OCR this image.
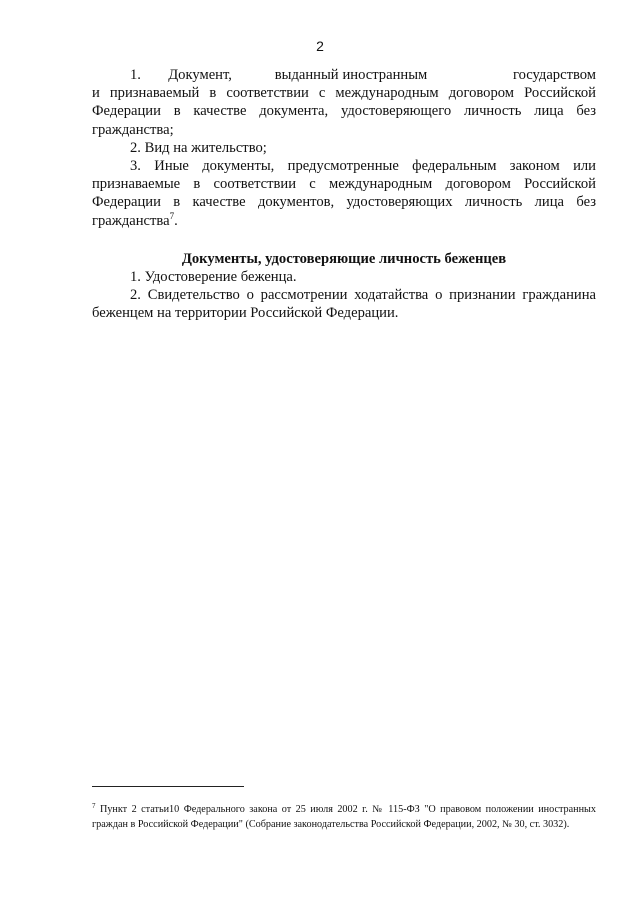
2

1.       Документ,           выданный иностранным                      государством и признаваемый в соответствии с международным договором Российской Федерации в качестве документа, удостоверяющего личность лица без гражданства;

2. Вид на жительство;

3. Иные документы, предусмотренные федеральным законом или признаваемые в соответствии с международным договором Российской Федерации в качестве документов, удостоверяющих личность лица без гражданства$^7$.

Документы, удостоверяющие личность беженцев

1. Удостоверение беженца.

2. Свидетельство о рассмотрении ходатайства о признании гражданина беженцем на территории Российской Федерации.

$^7$ Пункт 2 статьи10 Федерального закона от 25 июля 2002 г. № 115-ФЗ "О правовом положении иностранных граждан в Российской Федерации" (Собрание законодательства Российской Федерации, 2002, № 30, ст. 3032).
